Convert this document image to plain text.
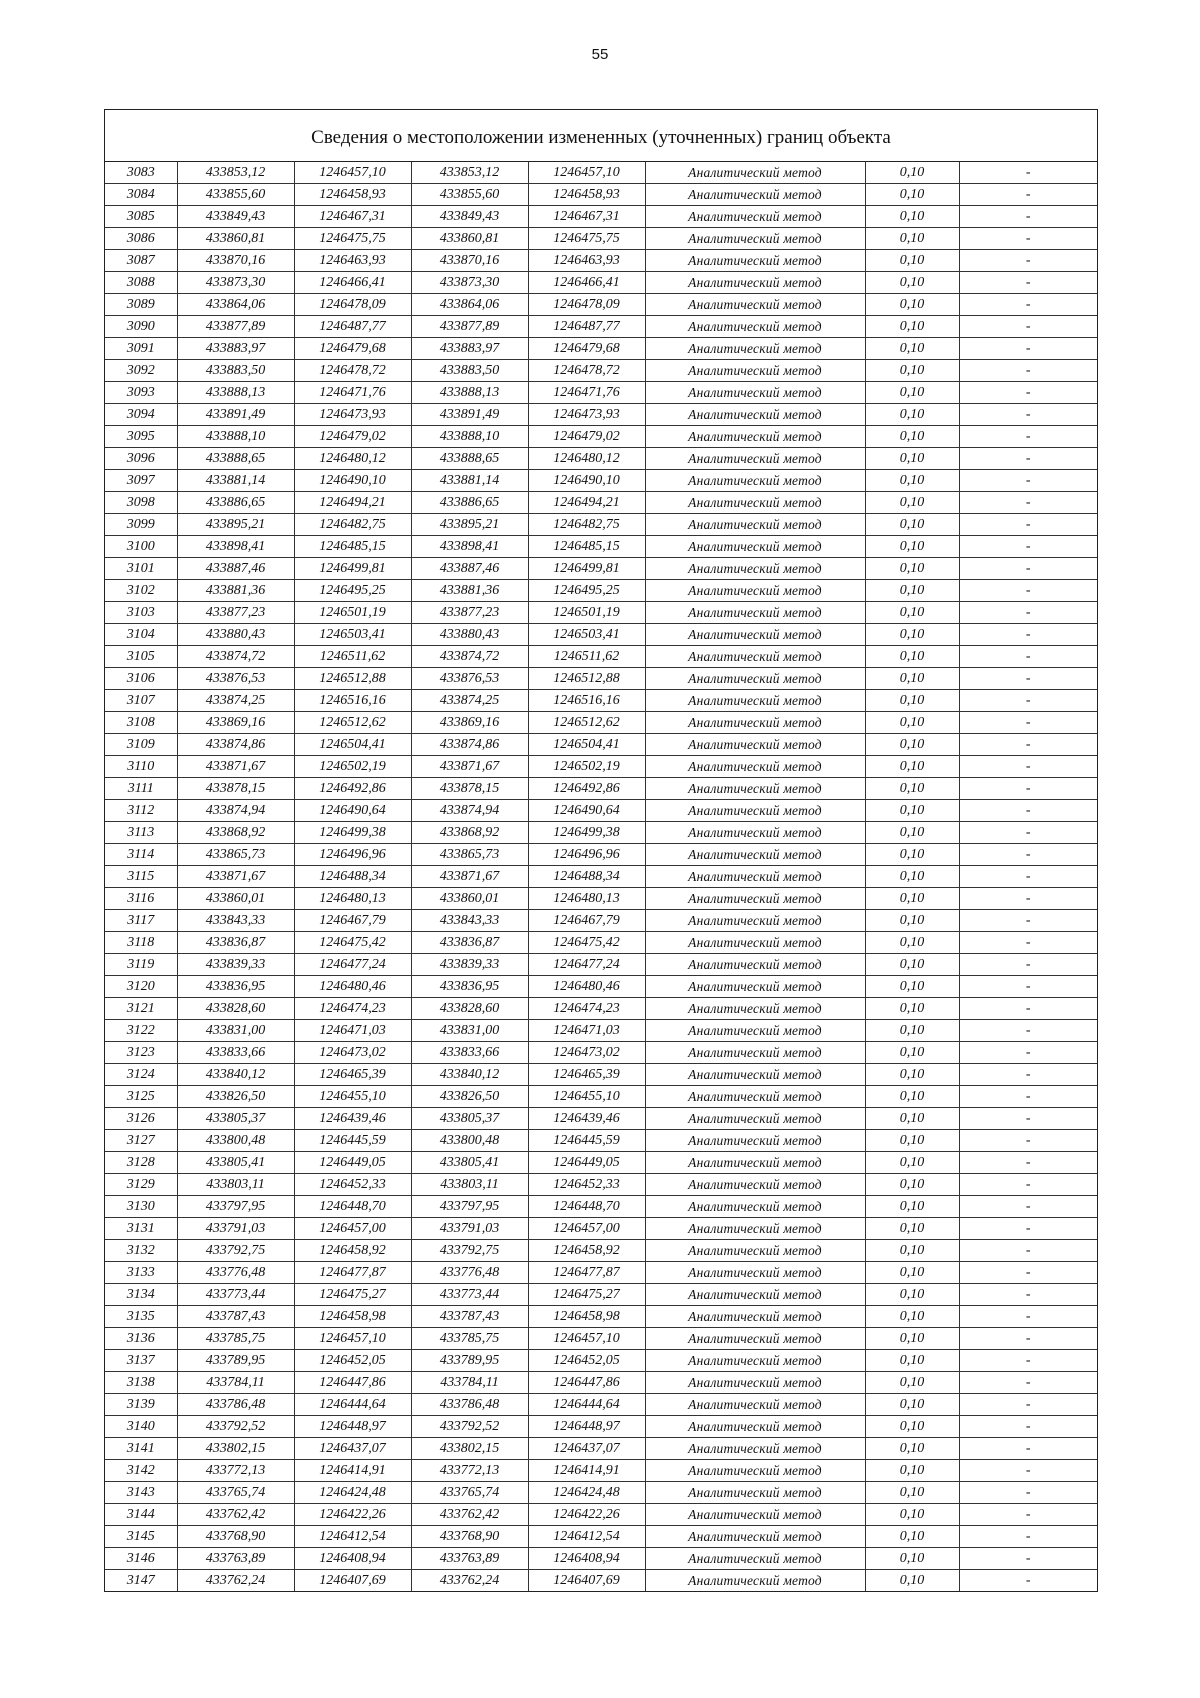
55
Сведения о местоположении измененных (уточненных) границ объекта
3083	433853,12	1246457,10	433853,12	1246457,10	Аналитический метод	0,10	-
3084	433855,60	1246458,93	433855,60	1246458,93	Аналитический метод	0,10	-
3085	433849,43	1246467,31	433849,43	1246467,31	Аналитический метод	0,10	-
3086	433860,81	1246475,75	433860,81	1246475,75	Аналитический метод	0,10	-
3087	433870,16	1246463,93	433870,16	1246463,93	Аналитический метод	0,10	-
3088	433873,30	1246466,41	433873,30	1246466,41	Аналитический метод	0,10	-
3089	433864,06	1246478,09	433864,06	1246478,09	Аналитический метод	0,10	-
3090	433877,89	1246487,77	433877,89	1246487,77	Аналитический метод	0,10	-
3091	433883,97	1246479,68	433883,97	1246479,68	Аналитический метод	0,10	-
3092	433883,50	1246478,72	433883,50	1246478,72	Аналитический метод	0,10	-
3093	433888,13	1246471,76	433888,13	1246471,76	Аналитический метод	0,10	-
3094	433891,49	1246473,93	433891,49	1246473,93	Аналитический метод	0,10	-
3095	433888,10	1246479,02	433888,10	1246479,02	Аналитический метод	0,10	-
3096	433888,65	1246480,12	433888,65	1246480,12	Аналитический метод	0,10	-
3097	433881,14	1246490,10	433881,14	1246490,10	Аналитический метод	0,10	-
3098	433886,65	1246494,21	433886,65	1246494,21	Аналитический метод	0,10	-
3099	433895,21	1246482,75	433895,21	1246482,75	Аналитический метод	0,10	-
3100	433898,41	1246485,15	433898,41	1246485,15	Аналитический метод	0,10	-
3101	433887,46	1246499,81	433887,46	1246499,81	Аналитический метод	0,10	-
3102	433881,36	1246495,25	433881,36	1246495,25	Аналитический метод	0,10	-
3103	433877,23	1246501,19	433877,23	1246501,19	Аналитический метод	0,10	-
3104	433880,43	1246503,41	433880,43	1246503,41	Аналитический метод	0,10	-
3105	433874,72	1246511,62	433874,72	1246511,62	Аналитический метод	0,10	-
3106	433876,53	1246512,88	433876,53	1246512,88	Аналитический метод	0,10	-
3107	433874,25	1246516,16	433874,25	1246516,16	Аналитический метод	0,10	-
3108	433869,16	1246512,62	433869,16	1246512,62	Аналитический метод	0,10	-
3109	433874,86	1246504,41	433874,86	1246504,41	Аналитический метод	0,10	-
3110	433871,67	1246502,19	433871,67	1246502,19	Аналитический метод	0,10	-
3111	433878,15	1246492,86	433878,15	1246492,86	Аналитический метод	0,10	-
3112	433874,94	1246490,64	433874,94	1246490,64	Аналитический метод	0,10	-
3113	433868,92	1246499,38	433868,92	1246499,38	Аналитический метод	0,10	-
3114	433865,73	1246496,96	433865,73	1246496,96	Аналитический метод	0,10	-
3115	433871,67	1246488,34	433871,67	1246488,34	Аналитический метод	0,10	-
3116	433860,01	1246480,13	433860,01	1246480,13	Аналитический метод	0,10	-
3117	433843,33	1246467,79	433843,33	1246467,79	Аналитический метод	0,10	-
3118	433836,87	1246475,42	433836,87	1246475,42	Аналитический метод	0,10	-
3119	433839,33	1246477,24	433839,33	1246477,24	Аналитический метод	0,10	-
3120	433836,95	1246480,46	433836,95	1246480,46	Аналитический метод	0,10	-
3121	433828,60	1246474,23	433828,60	1246474,23	Аналитический метод	0,10	-
3122	433831,00	1246471,03	433831,00	1246471,03	Аналитический метод	0,10	-
3123	433833,66	1246473,02	433833,66	1246473,02	Аналитический метод	0,10	-
3124	433840,12	1246465,39	433840,12	1246465,39	Аналитический метод	0,10	-
3125	433826,50	1246455,10	433826,50	1246455,10	Аналитический метод	0,10	-
3126	433805,37	1246439,46	433805,37	1246439,46	Аналитический метод	0,10	-
3127	433800,48	1246445,59	433800,48	1246445,59	Аналитический метод	0,10	-
3128	433805,41	1246449,05	433805,41	1246449,05	Аналитический метод	0,10	-
3129	433803,11	1246452,33	433803,11	1246452,33	Аналитический метод	0,10	-
3130	433797,95	1246448,70	433797,95	1246448,70	Аналитический метод	0,10	-
3131	433791,03	1246457,00	433791,03	1246457,00	Аналитический метод	0,10	-
3132	433792,75	1246458,92	433792,75	1246458,92	Аналитический метод	0,10	-
3133	433776,48	1246477,87	433776,48	1246477,87	Аналитический метод	0,10	-
3134	433773,44	1246475,27	433773,44	1246475,27	Аналитический метод	0,10	-
3135	433787,43	1246458,98	433787,43	1246458,98	Аналитический метод	0,10	-
3136	433785,75	1246457,10	433785,75	1246457,10	Аналитический метод	0,10	-
3137	433789,95	1246452,05	433789,95	1246452,05	Аналитический метод	0,10	-
3138	433784,11	1246447,86	433784,11	1246447,86	Аналитический метод	0,10	-
3139	433786,48	1246444,64	433786,48	1246444,64	Аналитический метод	0,10	-
3140	433792,52	1246448,97	433792,52	1246448,97	Аналитический метод	0,10	-
3141	433802,15	1246437,07	433802,15	1246437,07	Аналитический метод	0,10	-
3142	433772,13	1246414,91	433772,13	1246414,91	Аналитический метод	0,10	-
3143	433765,74	1246424,48	433765,74	1246424,48	Аналитический метод	0,10	-
3144	433762,42	1246422,26	433762,42	1246422,26	Аналитический метод	0,10	-
3145	433768,90	1246412,54	433768,90	1246412,54	Аналитический метод	0,10	-
3146	433763,89	1246408,94	433763,89	1246408,94	Аналитический метод	0,10	-
3147	433762,24	1246407,69	433762,24	1246407,69	Аналитический метод	0,10	-
